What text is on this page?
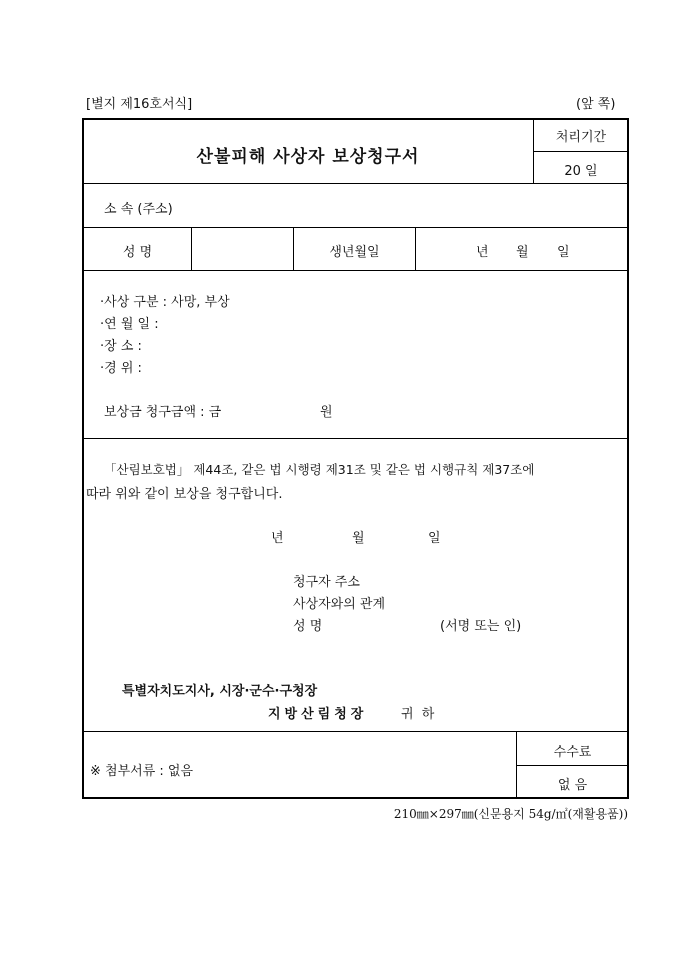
[별지 제16호서식]	(앞 쪽)
산불피해 사상자 보상청구서
처리기간
20 일
소 속 (주소)
성 명	생년월일	년 월 일
·사상 구분 : 사망, 부상
·연 월 일 :
·장 소 :
·경 위 :
보상금 청구금액 : 금	원
「산림보호법」 제44조, 같은 법 시행령 제31조 및 같은 법 시행규칙 제37조에
따라 위와 같이 보상을 청구합니다.
년	월	일
청구자 주소
사상자와의 관계
성 명	(서명 또는 인)
특별자치도지사, 시장·군수·구청장
지방산림청장	귀 하
※ 첨부서류 : 없음
수수료
없 음
210㎜×297㎜(신문용지 54g/㎡(재활용품))
